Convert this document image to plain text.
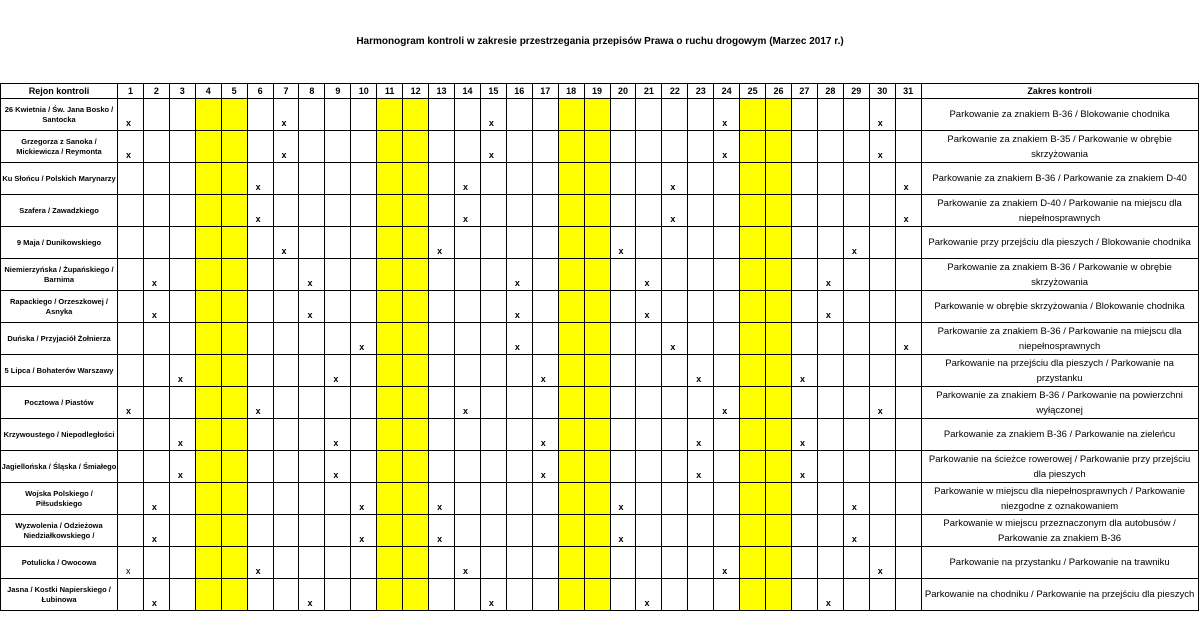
Harmonogram kontroli w zakresie przestrzegania przepisów Prawa o ruchu drogowym (Marzec 2017 r.)
Rejon kontroli	1	2	3	4	5	6	7	8	9	10	11	12	13	14	15	16	17	18	19	20	21	22	23	24	25	26	27	28	29	30	31	Zakres kontroli
26 Kwietnia / Św. Jana Bosko / Santocka	x						x								x									x						x		Parkowanie za znakiem B-36 / Blokowanie chodnika
Grzegorza z Sanoka / Mickiewicza / Reymonta	x						x								x									x						x		Parkowanie za znakiem B-35 / Parkowanie w obrębie skrzyżowania
Ku Słońcu / Polskich Marynarzy						x								x								x									x	Parkowanie za znakiem B-36 / Parkowanie za znakiem D-40
Szafera / Zawadzkiego						x								x								x									x	Parkowanie za znakiem D-40 / Parkowanie na miejscu dla niepełnosprawnych
9 Maja / Dunikowskiego							x						x							x									x			Parkowanie przy przejściu dla pieszych / Blokowanie chodnika
Niemierzyńska / Żupańskiego / Barnima		x						x								x					x							x				Parkowanie za znakiem B-36 / Parkowanie w obrębie skrzyżowania
Rapackiego / Orzeszkowej / Asnyka		x						x								x					x							x				Parkowanie w obrębie skrzyżowania / Blokowanie chodnika
Duńska / Przyjaciół Żołnierza										x						x						x									x	Parkowanie za znakiem B-36 / Parkowanie na miejscu dla niepełnosprawnych
5 Lipca / Bohaterów Warszawy			x						x								x						x				x					Parkowanie na przejściu dla pieszych / Parkowanie na przystanku
Pocztowa / Piastów	x					x								x										x						x		Parkowanie za znakiem B-36 / Parkowanie na powierzchni wyłączonej
Krzywoustego / Niepodległości			x						x								x						x				x					Parkowanie za znakiem B-36 / Parkowanie na zieleńcu
Jagiellońska / Śląska / Śmiałego			x						x								x						x				x					Parkowanie na ścieżce rowerowej / Parkowanie przy przejściu dla pieszych
Wojska Polskiego / Piłsudskiego		x								x			x							x									x			Parkowanie w miejscu dla niepełnosprawnych / Parkowanie niezgodne z oznakowaniem
Wyzwolenia / Odzieżowa Niedziałkowskiego /		x								x			x							x									x			Parkowanie w miejscu przeznaczonym dla autobusów / Parkowanie za znakiem B-36
Potulicka / Owocowa	x					x								x										x						x		Parkowanie na przystanku / Parkowanie na trawniku
Jasna / Kostki Napierskiego / Łubinowa		x						x							x						x							x				Parkowanie na chodniku / Parkowanie na przejściu dla pieszych
